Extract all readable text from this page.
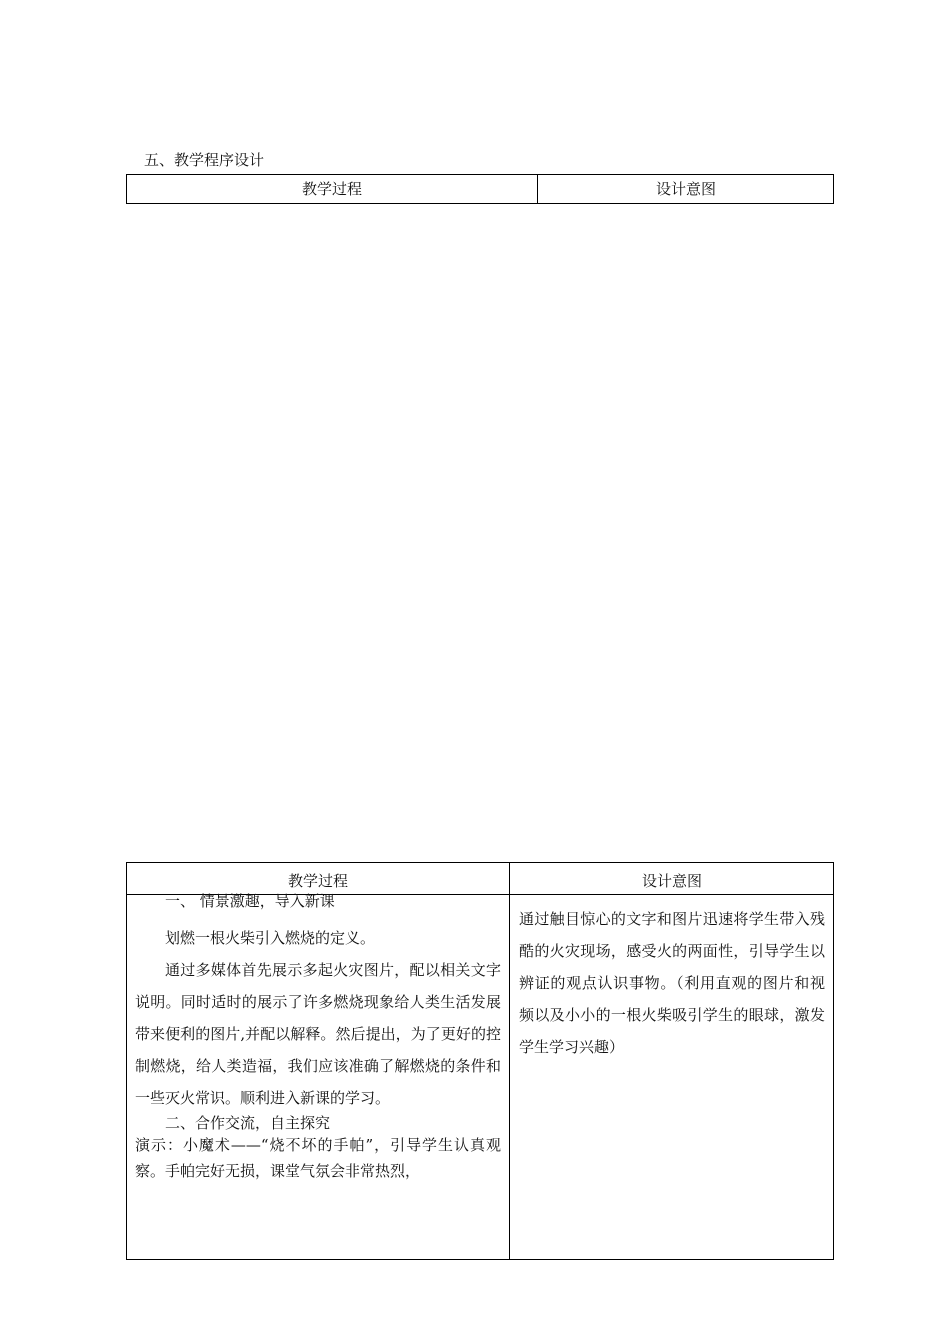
五、教学程序设计
教学过程	设计意图
教学过程	设计意图

一、 情景激趣，导入新课

划燃一根火柴引入燃烧的定义。

通过多媒体首先展示多起火灾图片，配以相关文字说明。同时适时的展示了许多燃烧现象给人类生活发展带来便利的图片,并配以解释。然后提出，为了更好的控制燃烧，给人类造福，我们应该准确了解燃烧的条件和一些灭火常识。顺利进入新课的学习。

二、合作交流，自主探究

演示：小魔术——“烧不坏的手帕”，引导学生认真观察。手帕完好无损，课堂气氛会非常热烈，

通过触目惊心的文字和图片迅速将学生带入残酷的火灾现场，感受火的两面性，引导学生以辨证的观点认识事物。（利用直观的图片和视频以及小小的一根火柴吸引学生的眼球，激发学生学习兴趣）
